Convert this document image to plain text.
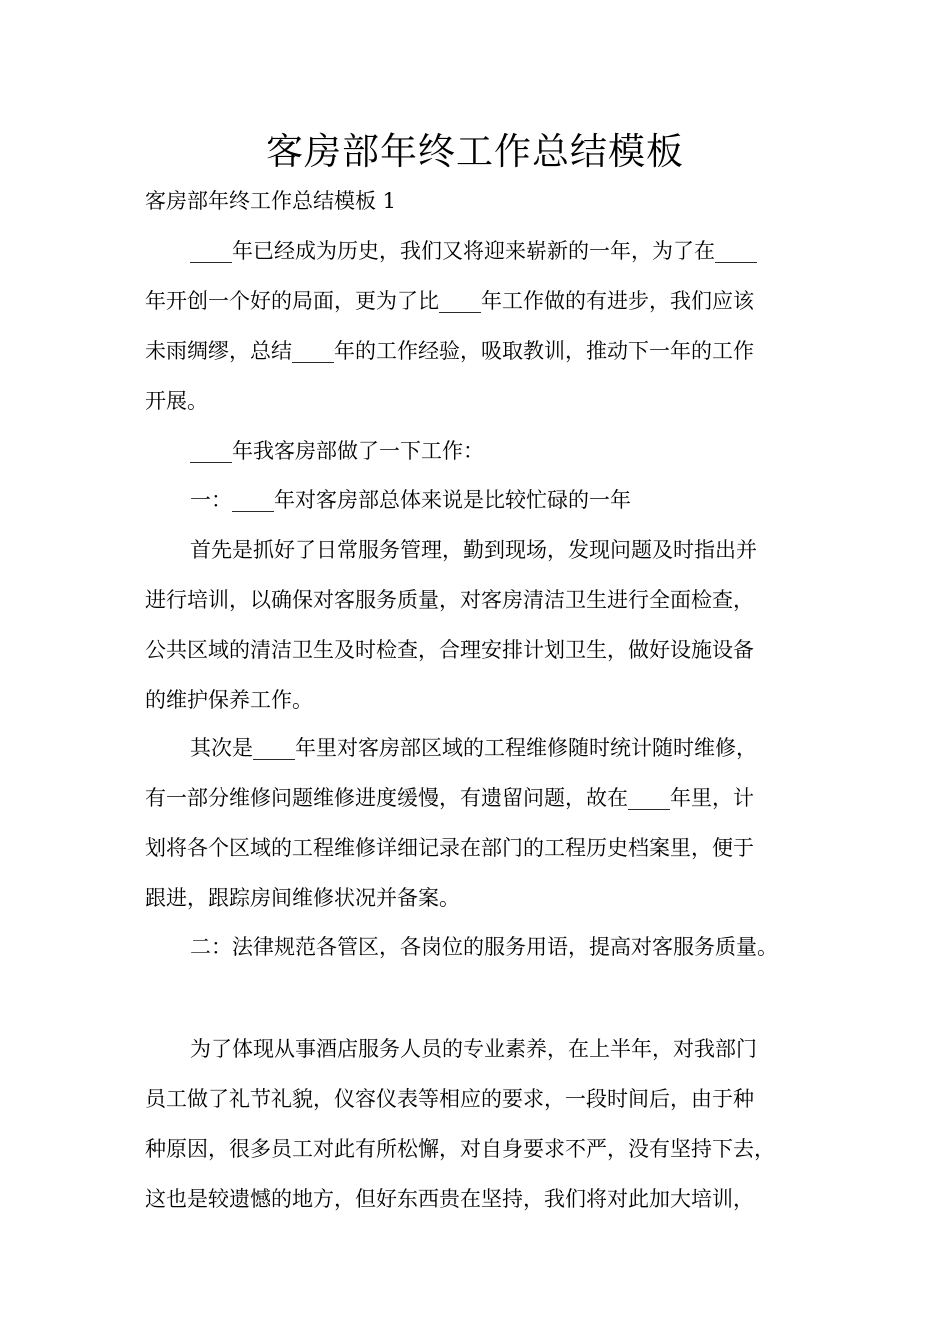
客房部年终工作总结模板
客房部年终工作总结模板 1
____年已经成为历史，我们又将迎来崭新的一年，为了在____
年开创一个好的局面，更为了比____年工作做的有进步，我们应该
未雨绸缪，总结____年的工作经验，吸取教训，推动下一年的工作
开展。
____年我客房部做了一下工作：
一：____年对客房部总体来说是比较忙碌的一年
首先是抓好了日常服务管理，勤到现场，发现问题及时指出并
进行培训，以确保对客服务质量，对客房清洁卫生进行全面检查，
公共区域的清洁卫生及时检查，合理安排计划卫生，做好设施设备
的维护保养工作。
其次是____年里对客房部区域的工程维修随时统计随时维修，
有一部分维修问题维修进度缓慢，有遗留问题，故在____年里，计
划将各个区域的工程维修详细记录在部门的工程历史档案里，便于
跟进，跟踪房间维修状况并备案。
二：法律规范各管区，各岗位的服务用语，提高对客服务质量。
为了体现从事酒店服务人员的专业素养，在上半年，对我部门
员工做了礼节礼貌，仪容仪表等相应的要求，一段时间后，由于种
种原因，很多员工对此有所松懈，对自身要求不严，没有坚持下去，
这也是较遗憾的地方，但好东西贵在坚持，我们将对此加大培训，
